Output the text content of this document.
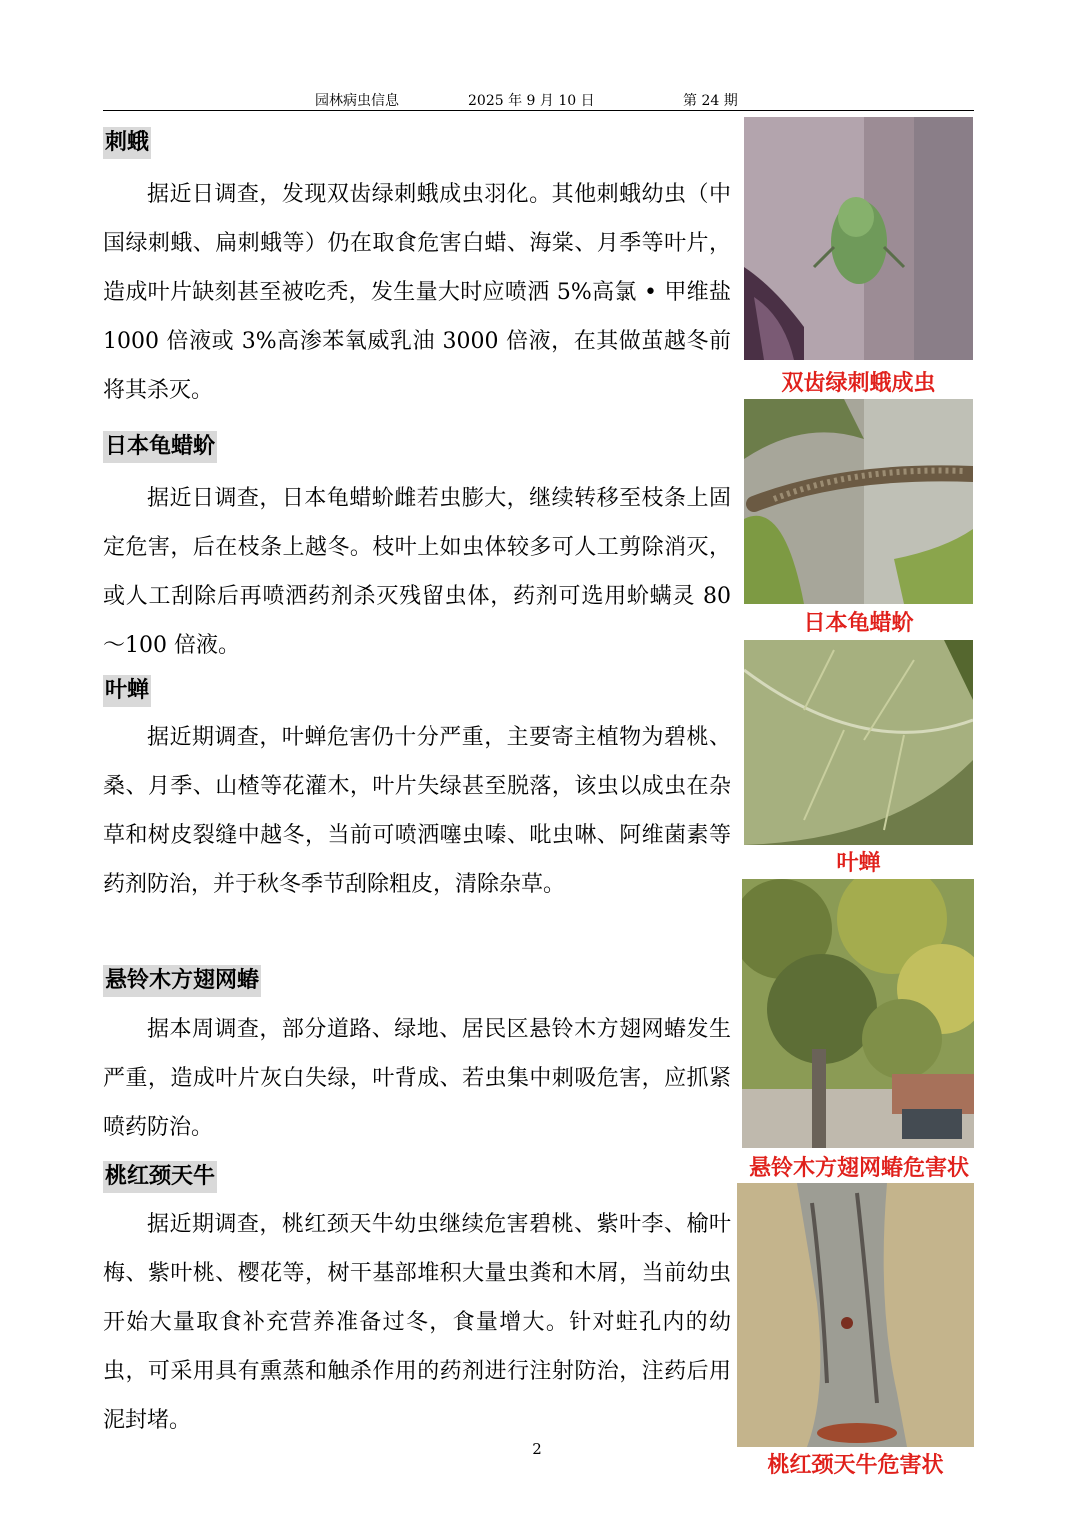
园林病虫信息	2025 年 9 月 10 日	第 24 期
刺蛾

据近日调查，发现双齿绿刺蛾成虫羽化。其他刺蛾幼虫（中国绿刺蛾、扁刺蛾等）仍在取食危害白蜡、海棠、月季等叶片，造成叶片缺刻甚至被吃秃，发生量大时应喷洒 5%高氯 • 甲维盐 1000 倍液或 3%高渗苯氧威乳油 3000 倍液，在其做茧越冬前将其杀灭。

日本龟蜡蚧

据近日调查，日本龟蜡蚧雌若虫膨大，继续转移至枝条上固定危害，后在枝条上越冬。枝叶上如虫体较多可人工剪除消灭，或人工刮除后再喷洒药剂杀灭残留虫体，药剂可选用蚧螨灵 80～100 倍液。

叶蝉

据近期调查，叶蝉危害仍十分严重，主要寄主植物为碧桃、桑、月季、山楂等花灌木，叶片失绿甚至脱落，该虫以成虫在杂草和树皮裂缝中越冬，当前可喷洒噻虫嗪、吡虫啉、阿维菌素等药剂防治，并于秋冬季节刮除粗皮，清除杂草。

悬铃木方翅网蝽

据本周调查，部分道路、绿地、居民区悬铃木方翅网蝽发生严重，造成叶片灰白失绿，叶背成、若虫集中刺吸危害，应抓紧喷药防治。

桃红颈天牛

据近期调查，桃红颈天牛幼虫继续危害碧桃、紫叶李、榆叶梅、紫叶桃、樱花等，树干基部堆积大量虫粪和木屑，当前幼虫开始大量取食补充营养准备过冬，食量增大。针对蛀孔内的幼虫，可采用具有熏蒸和触杀作用的药剂进行注射防治，注药后用泥封堵。

双齿绿刺蛾成虫
日本龟蜡蚧
叶蝉
悬铃木方翅网蝽危害状
桃红颈天牛危害状
2
